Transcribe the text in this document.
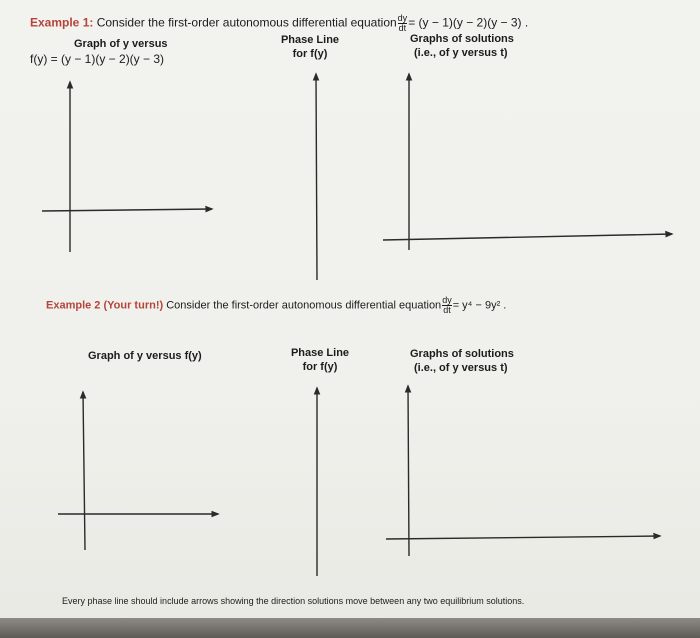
Example 1: Consider the first-order autonomous differential equation $\frac{dy}{dt} = (y - 1)(y - 2)(y - 3)$ .
Graph of y versus
f(y) = (y − 1)(y − 2)(y − 3)
Phase Line
for f(y)
Graphs of solutions
(i.e., of y versus t)
Example 2 (Your turn!) Consider the first-order autonomous differential equation $\frac{dy}{dt} = y^4 - 9y^2$ .
Graph of y versus f(y)	Phase Line
for f(y)
Graphs of solutions
(i.e., of y versus t)
Every phase line should include arrows showing the direction solutions move between any two equilibrium solutions.
